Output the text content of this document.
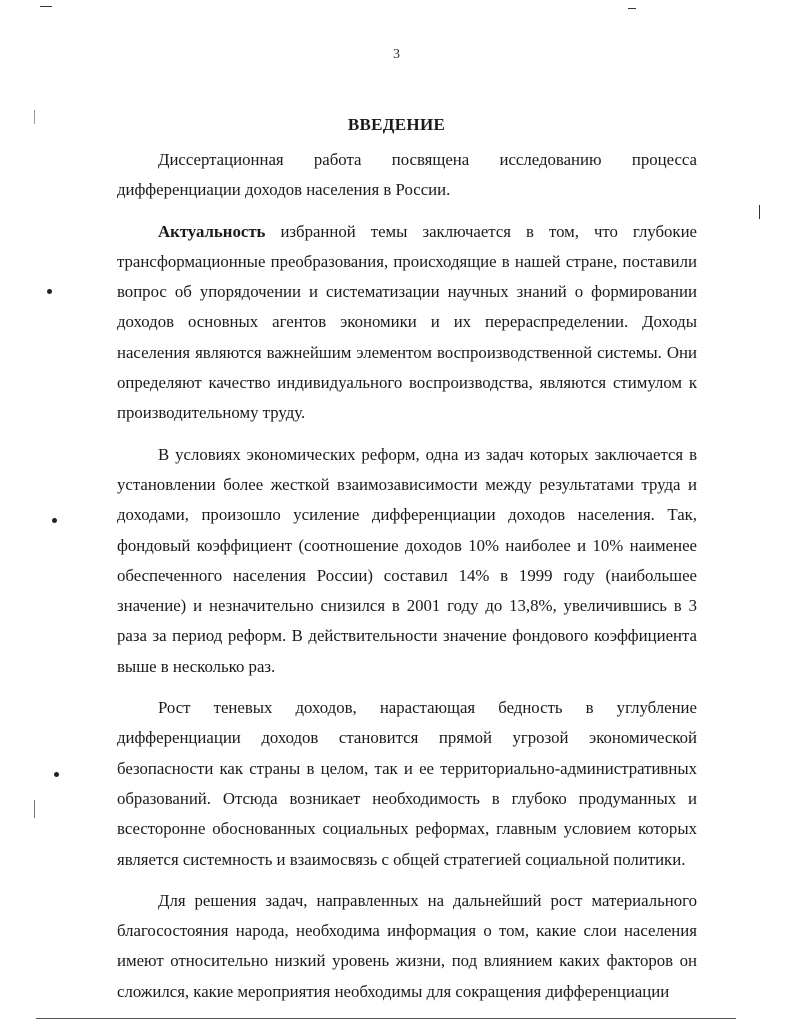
3
ВВЕДЕНИЕ

Диссертационная работа посвящена исследованию процесса дифференциации доходов населения в России.

Актуальность избранной темы заключается в том, что глубокие трансформационные преобразования, происходящие в нашей стране, поставили вопрос об упорядочении и систематизации научных знаний о формировании доходов основных агентов экономики и их перераспределении. Доходы населения являются важнейшим элементом воспроизводственной системы. Они определяют качество индивидуального воспроизводства, являются стимулом к производительному труду.

В условиях экономических реформ, одна из задач которых заключается в установлении более жесткой взаимозависимости между результатами труда и доходами, произошло усиление дифференциации доходов населения. Так, фондовый коэффициент (соотношение доходов 10% наиболее и 10% наименее обеспеченного населения России) составил 14% в 1999 году (наибольшее значение) и незначительно снизился в 2001 году до 13,8%, увеличившись в 3 раза за период реформ. В действительности значение фондового коэффициента выше в несколько раз.

Рост теневых доходов, нарастающая бедность в углубление дифференциации доходов становится прямой угрозой экономической безопасности как страны в целом, так и ее территориально-административных образований. Отсюда возникает необходимость в глубоко продуманных и всесторонне обоснованных социальных реформах, главным условием которых является системность и взаимосвязь с общей стратегией социальной политики.

Для решения задач, направленных на дальнейший рост материального благосостояния народа, необходима информация о том, какие слои населения имеют относительно низкий уровень жизни, под влиянием каких факторов он сложился, какие мероприятия необходимы для сокращения дифференциации
